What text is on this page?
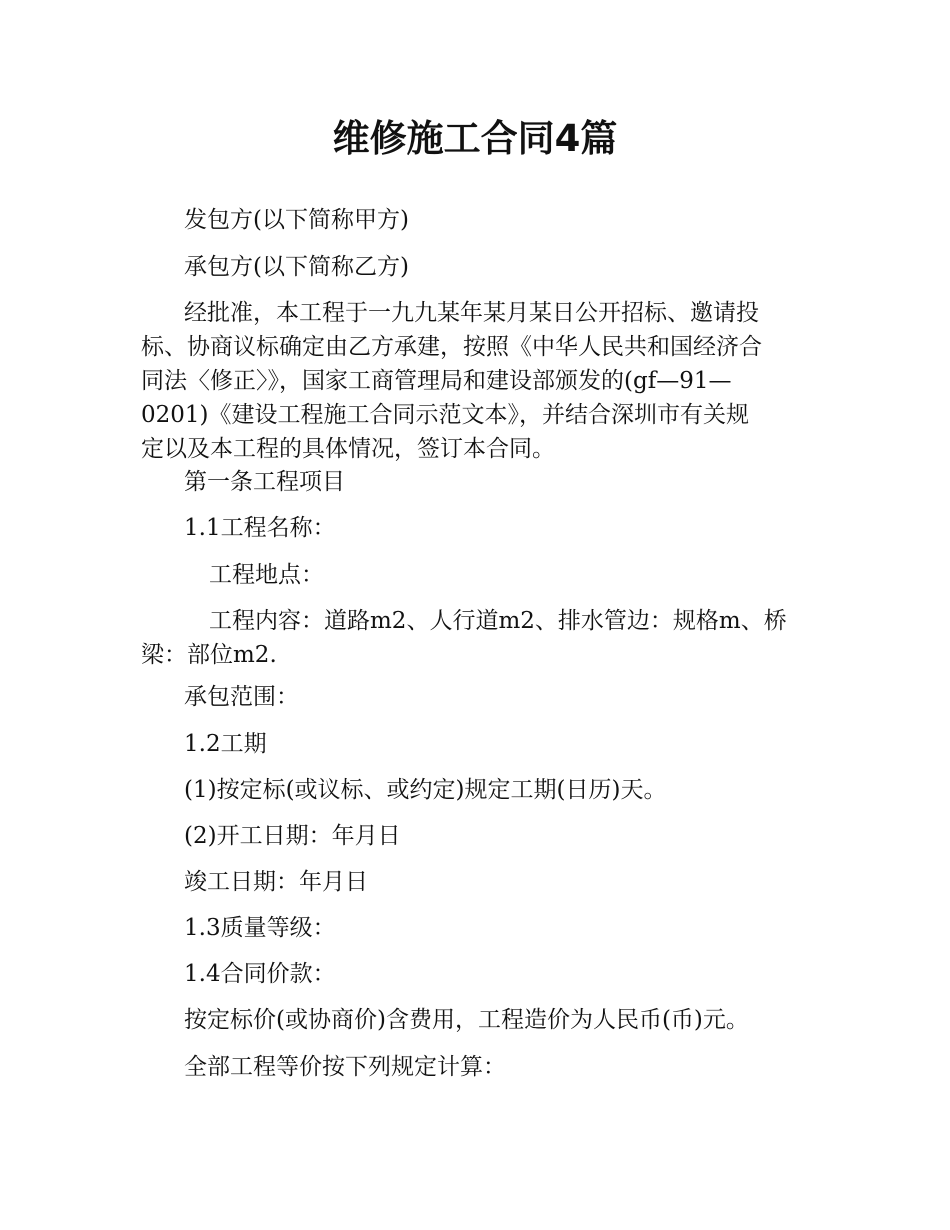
维修施工合同4篇

发包方(以下简称甲方)

承包方(以下简称乙方)

经批准，本工程于一九九某年某月某日公开招标、邀请投
标、协商议标确定由乙方承建，按照《中华人民共和国经济合
同法〈修正〉》，国家工商管理局和建设部颁发的(gf—91—
0201)《建设工程施工合同示范文本》，并结合深圳市有关规
定以及本工程的具体情况，签订本合同。

第一条工程项目

1.1工程名称：

工程地点：

工程内容：道路m2、人行道m2、排水管边：规格m、桥
梁：部位m2.

承包范围：

1.2工期

(1)按定标(或议标、或约定)规定工期(日历)天。

(2)开工日期：年月日

竣工日期：年月日

1.3质量等级：

1.4合同价款：

按定标价(或协商价)含费用，工程造价为人民币(币)元。

全部工程等价按下列规定计算：
